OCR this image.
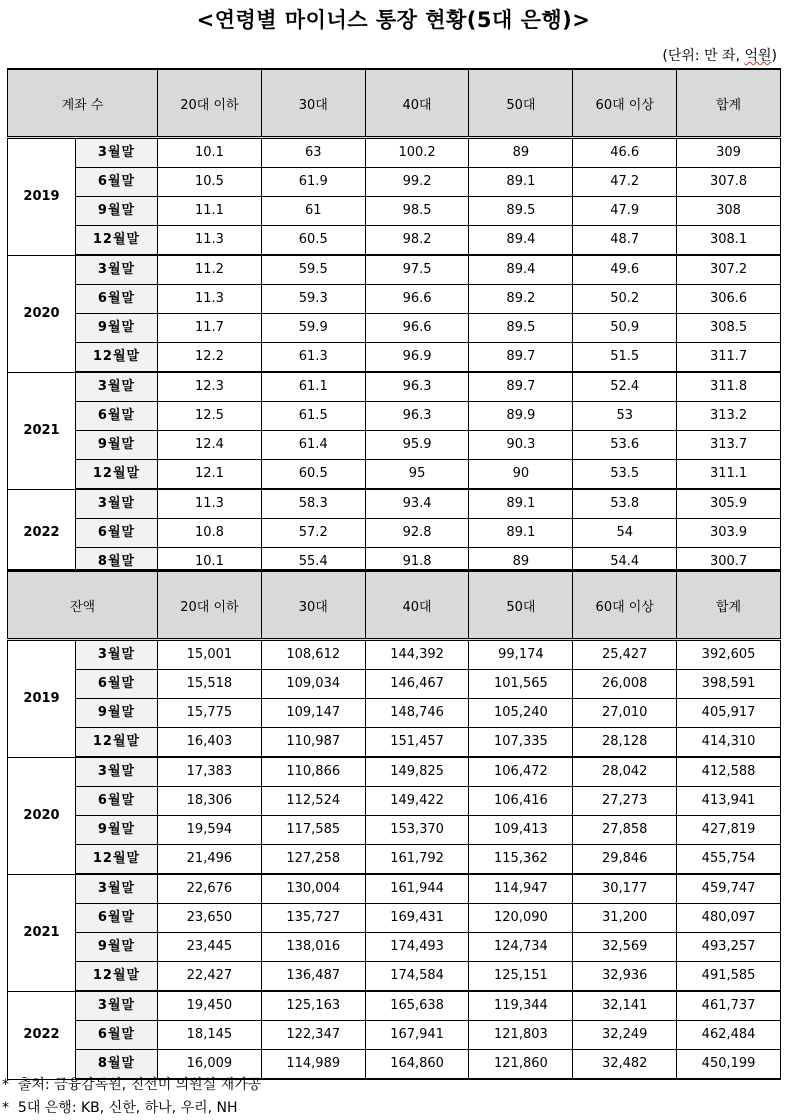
<연령별 마이너스 통장 현황(5대 은행)>
(단위: 만 좌, 억원)
계좌 수		20대 이하	30대	40대	50대	60대 이상	합계
2019	3월말	10.1	63	100.2	89	46.6	309
	6월말	10.5	61.9	99.2	89.1	47.2	307.8
	9월말	11.1	61	98.5	89.5	47.9	308
	12월말	11.3	60.5	98.2	89.4	48.7	308.1
2020	3월말	11.2	59.5	97.5	89.4	49.6	307.2
	6월말	11.3	59.3	96.6	89.2	50.2	306.6
	9월말	11.7	59.9	96.6	89.5	50.9	308.5
	12월말	12.2	61.3	96.9	89.7	51.5	311.7
2021	3월말	12.3	61.1	96.3	89.7	52.4	311.8
	6월말	12.5	61.5	96.3	89.9	53	313.2
	9월말	12.4	61.4	95.9	90.3	53.6	313.7
	12월말	12.1	60.5	95	90	53.5	311.1
2022	3월말	11.3	58.3	93.4	89.1	53.8	305.9
	6월말	10.8	57.2	92.8	89.1	54	303.9
	8월말	10.1	55.4	91.8	89	54.4	300.7
잔액		20대 이하	30대	40대	50대	60대 이상	합계
2019	3월말	15,001	108,612	144,392	99,174	25,427	392,605
	6월말	15,518	109,034	146,467	101,565	26,008	398,591
	9월말	15,775	109,147	148,746	105,240	27,010	405,917
	12월말	16,403	110,987	151,457	107,335	28,128	414,310
2020	3월말	17,383	110,866	149,825	106,472	28,042	412,588
	6월말	18,306	112,524	149,422	106,416	27,273	413,941
	9월말	19,594	117,585	153,370	109,413	27,858	427,819
	12월말	21,496	127,258	161,792	115,362	29,846	455,754
2021	3월말	22,676	130,004	161,944	114,947	30,177	459,747
	6월말	23,650	135,727	169,431	120,090	31,200	480,097
	9월말	23,445	138,016	174,493	124,734	32,569	493,257
	12월말	22,427	136,487	174,584	125,151	32,936	491,585
2022	3월말	19,450	125,163	165,638	119,344	32,141	461,737
	6월말	18,145	122,347	167,941	121,803	32,249	462,484
	8월말	16,009	114,989	164,860	121,860	32,482	450,199
* 출처: 금융감독원, 진선미 의원실 재가공
* 5대 은행: KB, 신한, 하나, 우리, NH
